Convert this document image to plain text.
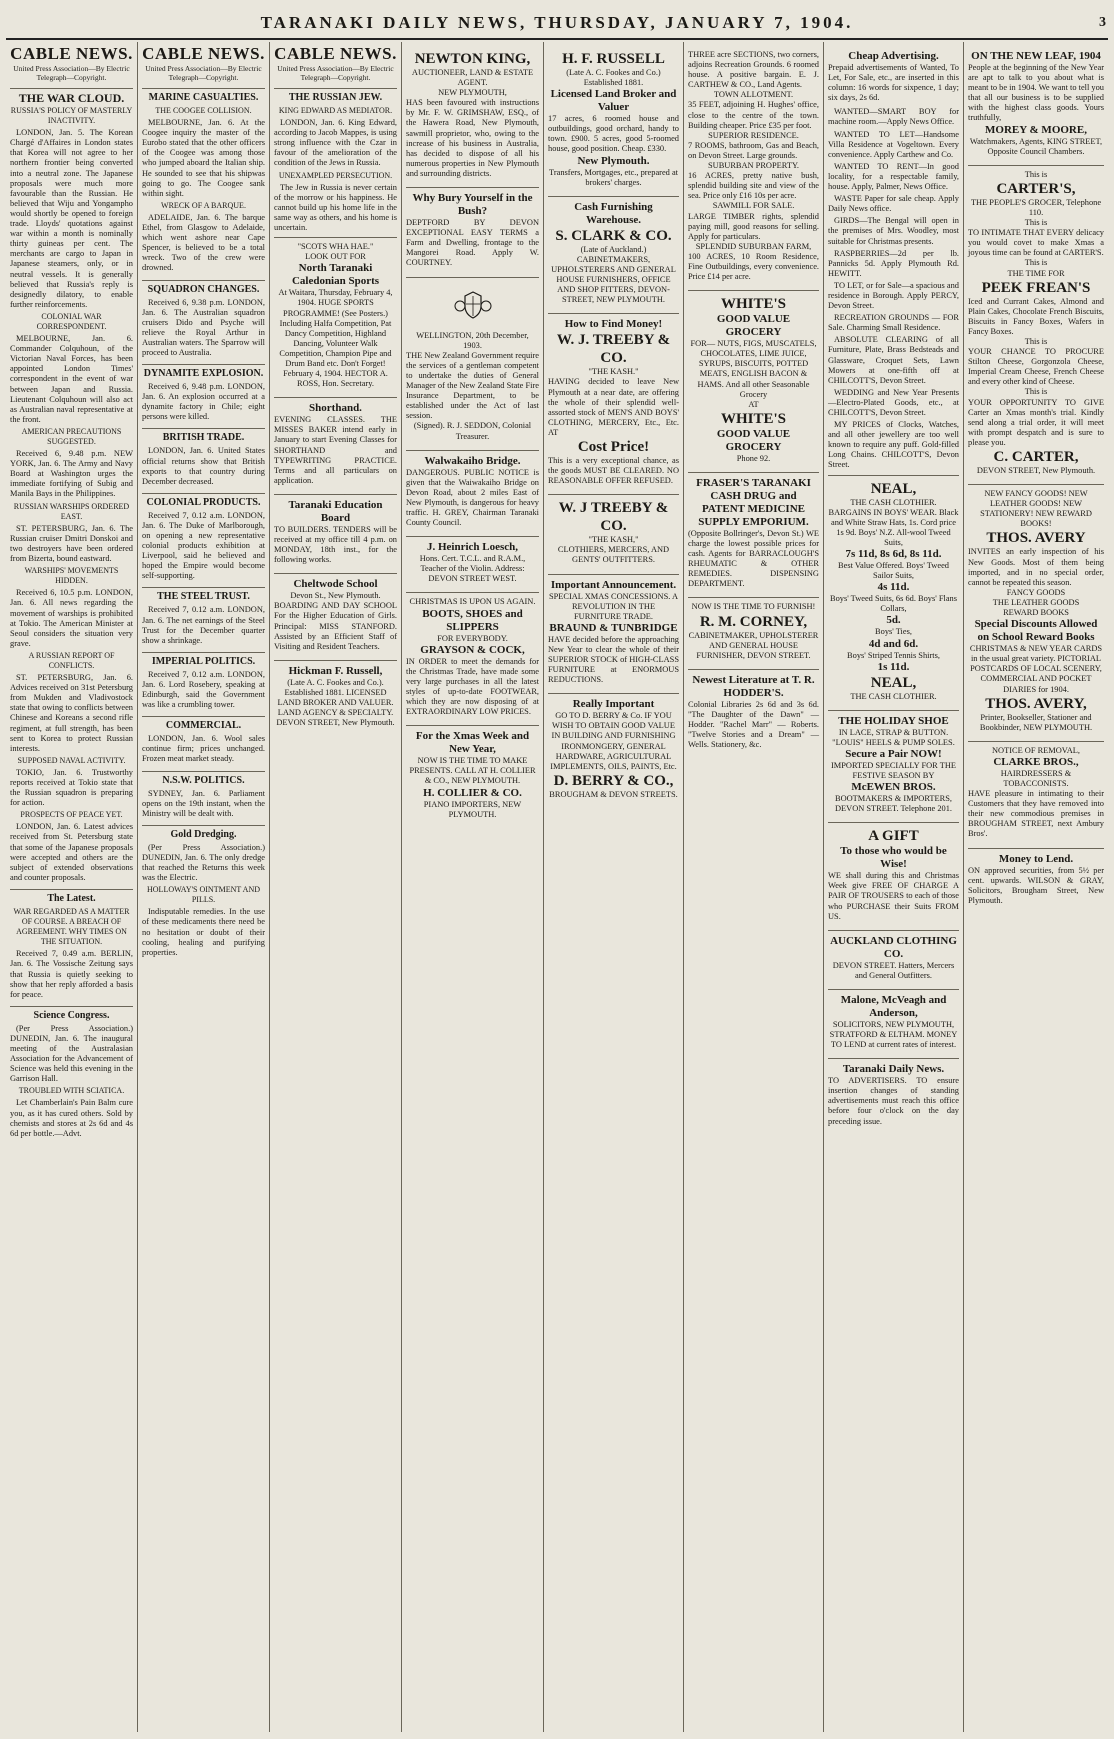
TARANAKI DAILY NEWS, THURSDAY, JANUARY 7, 1904.	3
CABLE NEWS.
United Press Association—By Electric Telegraph—Copyright.
THE WAR CLOUD.
RUSSIA'S POLICY OF MASTERLY INACTIVITY.
LONDON, Jan. 5. The Korean Chargé d'Affaires in London states that Korea will not agree to her northern frontier being converted into a neutral zone. The Japanese proposals were much more favourable than the Russian. He believed that Wiju and Yongampho would shortly be opened to foreign trade. Lloyds' quotations against war within a month is nominally thirty guineas per cent. The merchants are cargo to Japan in Japanese steamers, only, or in neutral vessels. It is generally believed that Russia's reply is designedly dilatory, to enable further reinforcements.
COLONIAL WAR CORRESPONDENT.
MELBOURNE, Jan. 6. Commander Colquhoun, of the Victorian Naval Forces, has been appointed London Times' correspondent in the event of war between Japan and Russia. Lieutenant Colquhoun will also act as Australian naval representative at the front.
AMERICAN PRECAUTIONS SUGGESTED.
Received 6, 9.48 p.m. NEW YORK, Jan. 6. The Army and Navy Board at Washington urges the immediate fortifying of Subig and Manila Bays in the Philippines.
RUSSIAN WARSHIPS ORDERED EAST.
ST. PETERSBURG, Jan. 6. The Russian cruiser Dmitri Donskoi and two destroyers have been ordered from Bizerta, bound eastward.
WARSHIPS' MOVEMENTS HIDDEN.
Received 6, 10.5 p.m. LONDON, Jan. 6. All news regarding the movement of warships is prohibited at Tokio. The American Minister at Seoul considers the situation very grave.
A RUSSIAN REPORT OF CONFLICTS.
ST. PETERSBURG, Jan. 6. Advices received on 31st Petersburg from Mukden and Vladivostock state that owing to conflicts between Chinese and Koreans a second rifle regiment, at full strength, has been sent to Korea to protect Russian interests.
SUPPOSED NAVAL ACTIVITY.
TOKIO, Jan. 6. Trustworthy reports received at Tokio state that the Russian squadron is preparing for action.
PROSPECTS OF PEACE YET.
LONDON, Jan. 6. Latest advices received from St. Petersburg state that some of the Japanese proposals were accepted and others are the subject of extended observations and counter proposals.
The Latest.
WAR REGARDED AS A MATTER OF COURSE. A BREACH OF AGREEMENT. WHY TIMES ON THE SITUATION.
Received 7, 0.49 a.m. BERLIN, Jan. 6. The Vossische Zeitung says that Russia is quietly seeking to show that her reply afforded a basis for peace.
Science Congress.
(Per Press Association.) DUNEDIN, Jan. 6. The inaugural meeting of the Australasian Association for the Advancement of Science was held this evening in the Garrison Hall.
TROUBLED WITH SCIATICA.
Let Chamberlain's Pain Balm cure you, as it has cured others. Sold by chemists and stores at 2s 6d and 4s 6d per bottle.—Advt.
CABLE NEWS.
United Press Association—By Electric Telegraph—Copyright.
MARINE CASUALTIES.
THE COOGEE COLLISION.
MELBOURNE, Jan. 6. At the Coogee inquiry the master of the Eurobo stated that the other officers of the Coogee was among those who jumped aboard the Italian ship. He sounded to see that his shipwas going to go. The Coogee sank within sight.
WRECK OF A BARQUE.
ADELAIDE, Jan. 6. The barque Ethel, from Glasgow to Adelaide, which went ashore near Cape Spencer, is believed to be a total wreck. Two of the crew were drowned.
SQUADRON CHANGES.
Received 6, 9.38 p.m. LONDON, Jan. 6. The Australian squadron cruisers Dido and Psyche will relieve the Royal Arthur in Australian waters. The Sparrow will proceed to Australia.
DYNAMITE EXPLOSION.
Received 6, 9.48 p.m. LONDON, Jan. 6. An explosion occurred at a dynamite factory in Chile; eight persons were killed.
BRITISH TRADE.
LONDON, Jan. 6. United States official returns show that British exports to that country during December decreased.
COLONIAL PRODUCTS.
Received 7, 0.12 a.m. LONDON, Jan. 6. The Duke of Marlborough, on opening a new representative colonial products exhibition at Liverpool, said he believed and hoped the Empire would become self-supporting.
THE STEEL TRUST.
Received 7, 0.12 a.m. LONDON, Jan. 6. The net earnings of the Steel Trust for the December quarter show a shrinkage.
IMPERIAL POLITICS.
Received 7, 0.12 a.m. LONDON, Jan. 6. Lord Rosebery, speaking at Edinburgh, said the Government was like a crumbling tower.
COMMERCIAL.
LONDON, Jan. 6. Wool sales continue firm; prices unchanged. Frozen meat market steady.
N.S.W. POLITICS.
SYDNEY, Jan. 6. Parliament opens on the 19th instant, when the Ministry will be dealt with.
Gold Dredging.
(Per Press Association.) DUNEDIN, Jan. 6. The only dredge that reached the Returns this week was the Electric.
HOLLOWAY'S OINTMENT AND PILLS.
Indisputable remedies. In the use of these medicaments there need be no hesitation or doubt of their cooling, healing and purifying properties.
CABLE NEWS.
United Press Association—By Electric Telegraph—Copyright.
THE RUSSIAN JEW.
KING EDWARD AS MEDIATOR.
LONDON, Jan. 6. King Edward, according to Jacob Mappes, is using strong influence with the Czar in favour of the amelioration of the condition of the Jews in Russia.
UNEXAMPLED PERSECUTION.
The Jew in Russia is never certain of the morrow or his happiness. He cannot build up his home life in the same way as others, and his home is uncertain.
"SCOTS WHA HAE."
LOOK OUT FOR
North Taranaki Caledonian Sports
At Waitara, Thursday, February 4, 1904. HUGE SPORTS PROGRAMME! (See Posters.) Including Halfa Competition, Pat Dancy Competition, Highland Dancing, Volunteer Walk Competition, Champion Pipe and Drum Band etc. Don't Forget! February 4, 1904. HECTOR A. ROSS, Hon. Secretary.
Shorthand.
EVENING CLASSES. THE MISSES BAKER intend early in January to start Evening Classes for SHORTHAND and TYPEWRITING PRACTICE. Terms and all particulars on application.
Taranaki Education Board
TO BUILDERS. TENDERS will be received at my office till 4 p.m. on MONDAY, 18th inst., for the following works.
Cheltwode School
Devon St., New Plymouth.
BOARDING AND DAY SCHOOL For the Higher Education of Girls. Principal: MISS STANFORD. Assisted by an Efficient Staff of Visiting and Resident Teachers.
Hickman F. Russell,
(Late A. C. Fookes and Co.). Established 1881. LICENSED LAND BROKER AND VALUER. LAND AGENCY & SPECIALTY. DEVON STREET, New Plymouth.
NEWTON KING,
AUCTIONEER, LAND & ESTATE AGENT.
NEW PLYMOUTH,
HAS been favoured with instructions by Mr. F. W. GRIMSHAW, ESQ., of the Hawera Road, New Plymouth, sawmill proprietor, who, owing to the increase of his business in Australia, has decided to dispose of all his numerous properties in New Plymouth and surrounding districts.
Why Bury Yourself in the Bush?
DEPTFORD BY DEVON EXCEPTIONAL EASY TERMS a Farm and Dwelling, frontage to the Mangorei Road. Apply W. COURTNEY.
WELLINGTON, 20th December, 1903.
THE New Zealand Government require the services of a gentleman competent to undertake the duties of General Manager of the New Zealand State Fire Insurance Department, to be established under the Act of last session.
(Signed). R. J. SEDDON, Colonial Treasurer.
Walwakaiho Bridge.
DANGEROUS. PUBLIC NOTICE is given that the Waiwakaiho Bridge on Devon Road, about 2 miles East of New Plymouth, is dangerous for heavy traffic. H. GREY, Chairman Taranaki County Council.
J. Heinrich Loesch,
Hons. Cert. T.C.L. and R.A.M., Teacher of the Violin. Address: DEVON STREET WEST.
CHRISTMAS IS UPON US AGAIN.
BOOTS, SHOES and SLIPPERS
FOR EVERYBODY.
GRAYSON & COCK,
IN ORDER to meet the demands for the Christmas Trade, have made some very large purchases in all the latest styles of up-to-date FOOTWEAR, which they are now disposing of at EXTRAORDINARY LOW PRICES.
For the Xmas Week and New Year,
NOW IS THE TIME TO MAKE PRESENTS. CALL AT H. COLLIER & CO., NEW PLYMOUTH.
H. COLLIER & CO.
PIANO IMPORTERS, NEW PLYMOUTH.
H. F. RUSSELL
(Late A. C. Fookes and Co.) Established 1881.
Licensed Land Broker and Valuer
17 acres, 6 roomed house and outbuildings, good orchard, handy to town. £900. 5 acres, good 5-roomed house, good position. Cheap. £330.
New Plymouth.
Transfers, Mortgages, etc., prepared at brokers' charges.
Cash Furnishing Warehouse.
S. CLARK & CO.
(Late of Auckland.)
CABINETMAKERS, UPHOLSTERERS AND GENERAL HOUSE FURNISHERS, OFFICE AND SHOP FITTERS, DEVON-STREET, NEW PLYMOUTH.
How to Find Money!
W. J. TREEBY & CO.
"THE KASH."
HAVING decided to leave New Plymouth at a near date, are offering the whole of their splendid well-assorted stock of MEN'S AND BOYS' CLOTHING, MERCERY, Etc., Etc. AT
Cost Price!
This is a very exceptional chance, as the goods MUST BE CLEARED. NO REASONABLE OFFER REFUSED.
W. J TREEBY & CO.
"THE KASH,"
CLOTHIERS, MERCERS, AND GENTS' OUTFITTERS.
Important Announcement.
SPECIAL XMAS CONCESSIONS. A REVOLUTION IN THE FURNITURE TRADE.
BRAUND & TUNBRIDGE
HAVE decided before the approaching New Year to clear the whole of their SUPERIOR STOCK of HIGH-CLASS FURNITURE at ENORMOUS REDUCTIONS.
Really Important
GO TO D. BERRY & Co. IF YOU WISH TO OBTAIN GOOD VALUE IN BUILDING AND FURNISHING IRONMONGERY, GENERAL HARDWARE, AGRICULTURAL IMPLEMENTS, OILS, PAINTS, Etc.
D. BERRY & CO.,
BROUGHAM & DEVON STREETS.
THREE acre SECTIONS, two corners, adjoins Recreation Grounds. 6 roomed house. A positive bargain. E. J. CARTHEW & CO., Land Agents.
TOWN ALLOTMENT.
35 FEET, adjoining H. Hughes' office, close to the centre of the town. Building cheaper. Price £35 per foot.
SUPERIOR RESIDENCE.
7 ROOMS, bathroom, Gas and Beach, on Devon Street. Large grounds.
SUBURBAN PROPERTY.
16 ACRES, pretty native bush, splendid building site and view of the sea. Price only £16 10s per acre.
SAWMILL FOR SALE.
LARGE TIMBER rights, splendid paying mill, good reasons for selling. Apply for particulars.
SPLENDID SUBURBAN FARM,
100 ACRES, 10 Room Residence, Fine Outbuildings, every convenience. Price £14 per acre.
WHITE'S
GOOD VALUE GROCERY
FOR— NUTS, FIGS, MUSCATELS, CHOCOLATES, LIME JUICE, SYRUPS, BISCUITS, POTTED MEATS, ENGLISH BACON & HAMS. And all other Seasonable Grocery
AT
WHITE'S
GOOD VALUE GROCERY
Phone 92.
FRASER'S TARANAKI CASH DRUG and PATENT MEDICINE SUPPLY EMPORIUM.
(Opposite Bollringer's, Devon St.) WE charge the lowest possible prices for cash. Agents for BARRACLOUGH'S RHEUMATIC & OTHER REMEDIES. DISPENSING DEPARTMENT.
NOW IS THE TIME TO FURNISH!
R. M. CORNEY,
CABINETMAKER, UPHOLSTERER AND GENERAL HOUSE FURNISHER, DEVON STREET.
Newest Literature at T. R. HODDER'S.
Colonial Libraries 2s 6d and 3s 6d. "The Daughter of the Dawn" — Hodder. "Rachel Marr" — Roberts. "Twelve Stories and a Dream" — Wells. Stationery, &c.
Cheap Advertising.
Prepaid advertisements of Wanted, To Let, For Sale, etc., are inserted in this column: 16 words for sixpence, 1 day; six days, 2s 6d.
WANTED—SMART BOY for machine room.—Apply News Office.
WANTED TO LET—Handsome Villa Residence at Vogeltown. Every convenience. Apply Carthew and Co.
WANTED TO RENT—In good locality, for a respectable family, house. Apply, Palmer, News Office.
WASTE Paper for sale cheap. Apply Daily News office.
GIRDS—The Bengal will open in the premises of Mrs. Woodley, most suitable for Christmas presents.
RASPBERRIES—2d per lb. Pannicks 5d. Apply Plymouth Rd. HEWITT.
TO LET, or for Sale—a spacious and residence in Borough. Apply PERCY, Devon Street.
RECREATION GROUNDS — FOR Sale. Charming Small Residence.
ABSOLUTE CLEARING of all Furniture, Plate, Brass Bedsteads and Glassware, Croquet Sets, Lawn Mowers at one-fifth off at CHILCOTT'S, Devon Street.
WEDDING and New Year Presents—Electro-Plated Goods, etc., at CHILCOTT'S, Devon Street.
MY PRICES of Clocks, Watches, and all other jewellery are too well known to require any puff. Gold-filled Long Chains. CHILCOTT'S, Devon Street.
NEAL,
THE CASH CLOTHIER.
BARGAINS IN BOYS' WEAR. Black and White Straw Hats, 1s. Cord price 1s 9d. Boys' N.Z. All-wool Tweed Suits,
7s 11d, 8s 6d, 8s 11d.
Best Value Offered. Boys' Tweed Sailor Suits,
4s 11d.
Boys' Tweed Suits, 6s 6d. Boys' Flans Collars,
5d.
Boys' Ties,
4d and 6d.
Boys' Striped Tennis Shirts,
1s 11d.
NEAL,
THE CASH CLOTHIER.
THE HOLIDAY SHOE
IN LACE, STRAP & BUTTON. "LOUIS" HEELS & PUMP SOLES.
Secure a Pair NOW!
IMPORTED SPECIALLY FOR THE FESTIVE SEASON BY
McEWEN BROS.
BOOTMAKERS & IMPORTERS, DEVON STREET. Telephone 201.
A GIFT
To those who would be Wise!
WE shall during this and Christmas Week give FREE OF CHARGE A PAIR OF TROUSERS to each of those who PURCHASE their Suits FROM US.
AUCKLAND CLOTHING CO.
DEVON STREET. Hatters, Mercers and General Outfitters.
Malone, McVeagh and Anderson,
SOLICITORS, NEW PLYMOUTH, STRATFORD & ELTHAM. MONEY TO LEND at current rates of interest.
Taranaki Daily News.
TO ADVERTISERS. TO ensure insertion changes of standing advertisements must reach this office before four o'clock on the day preceding issue.
ON THE NEW LEAF, 1904
People at the beginning of the New Year are apt to talk to you about what is meant to be in 1904. We want to tell you that all our business is to be supplied with the highest class goods. Yours truthfully,
MOREY & MOORE,
Watchmakers, Agents, KING STREET, Opposite Council Chambers.
This is
CARTER'S,
THE PEOPLE'S GROCER, Telephone 110.
This is
TO INTIMATE THAT EVERY delicacy you would covet to make Xmas a joyous time can be found at CARTER'S.
This is
THE TIME FOR
PEEK FREAN'S
Iced and Currant Cakes, Almond and Plain Cakes, Chocolate French Biscuits, Biscuits in Fancy Boxes, Wafers in Fancy Boxes.
This is
YOUR CHANCE TO PROCURE Stilton Cheese, Gorgonzola Cheese, Imperial Cream Cheese, French Cheese and every other kind of Cheese.
This is
YOUR OPPORTUNITY TO GIVE Carter an Xmas month's trial. Kindly send along a trial order, it will meet with prompt despatch and is sure to please you.
C. CARTER,
DEVON STREET, New Plymouth.
NEW FANCY GOODS! NEW LEATHER GOODS! NEW STATIONERY! NEW REWARD BOOKS!
THOS. AVERY
INVITES an early inspection of his New Goods. Most of them being imported, and in no special order, cannot be repeated this season.
FANCY GOODS
THE LEATHER GOODS
REWARD BOOKS
Special Discounts Allowed on School Reward Books
CHRISTMAS & NEW YEAR CARDS in the usual great variety. PICTORIAL POSTCARDS OF LOCAL SCENERY, COMMERCIAL AND POCKET DIARIES for 1904.
THOS. AVERY,
Printer, Bookseller, Stationer and Bookbinder, NEW PLYMOUTH.
NOTICE OF REMOVAL,
CLARKE BROS.,
HAIRDRESSERS & TOBACCONISTS.
HAVE pleasure in intimating to their Customers that they have removed into their new commodious premises in BROUGHAM STREET, next Ambury Bros'.
Money to Lend.
ON approved securities, from 5½ per cent. upwards. WILSON & GRAY, Solicitors, Brougham Street, New Plymouth.
